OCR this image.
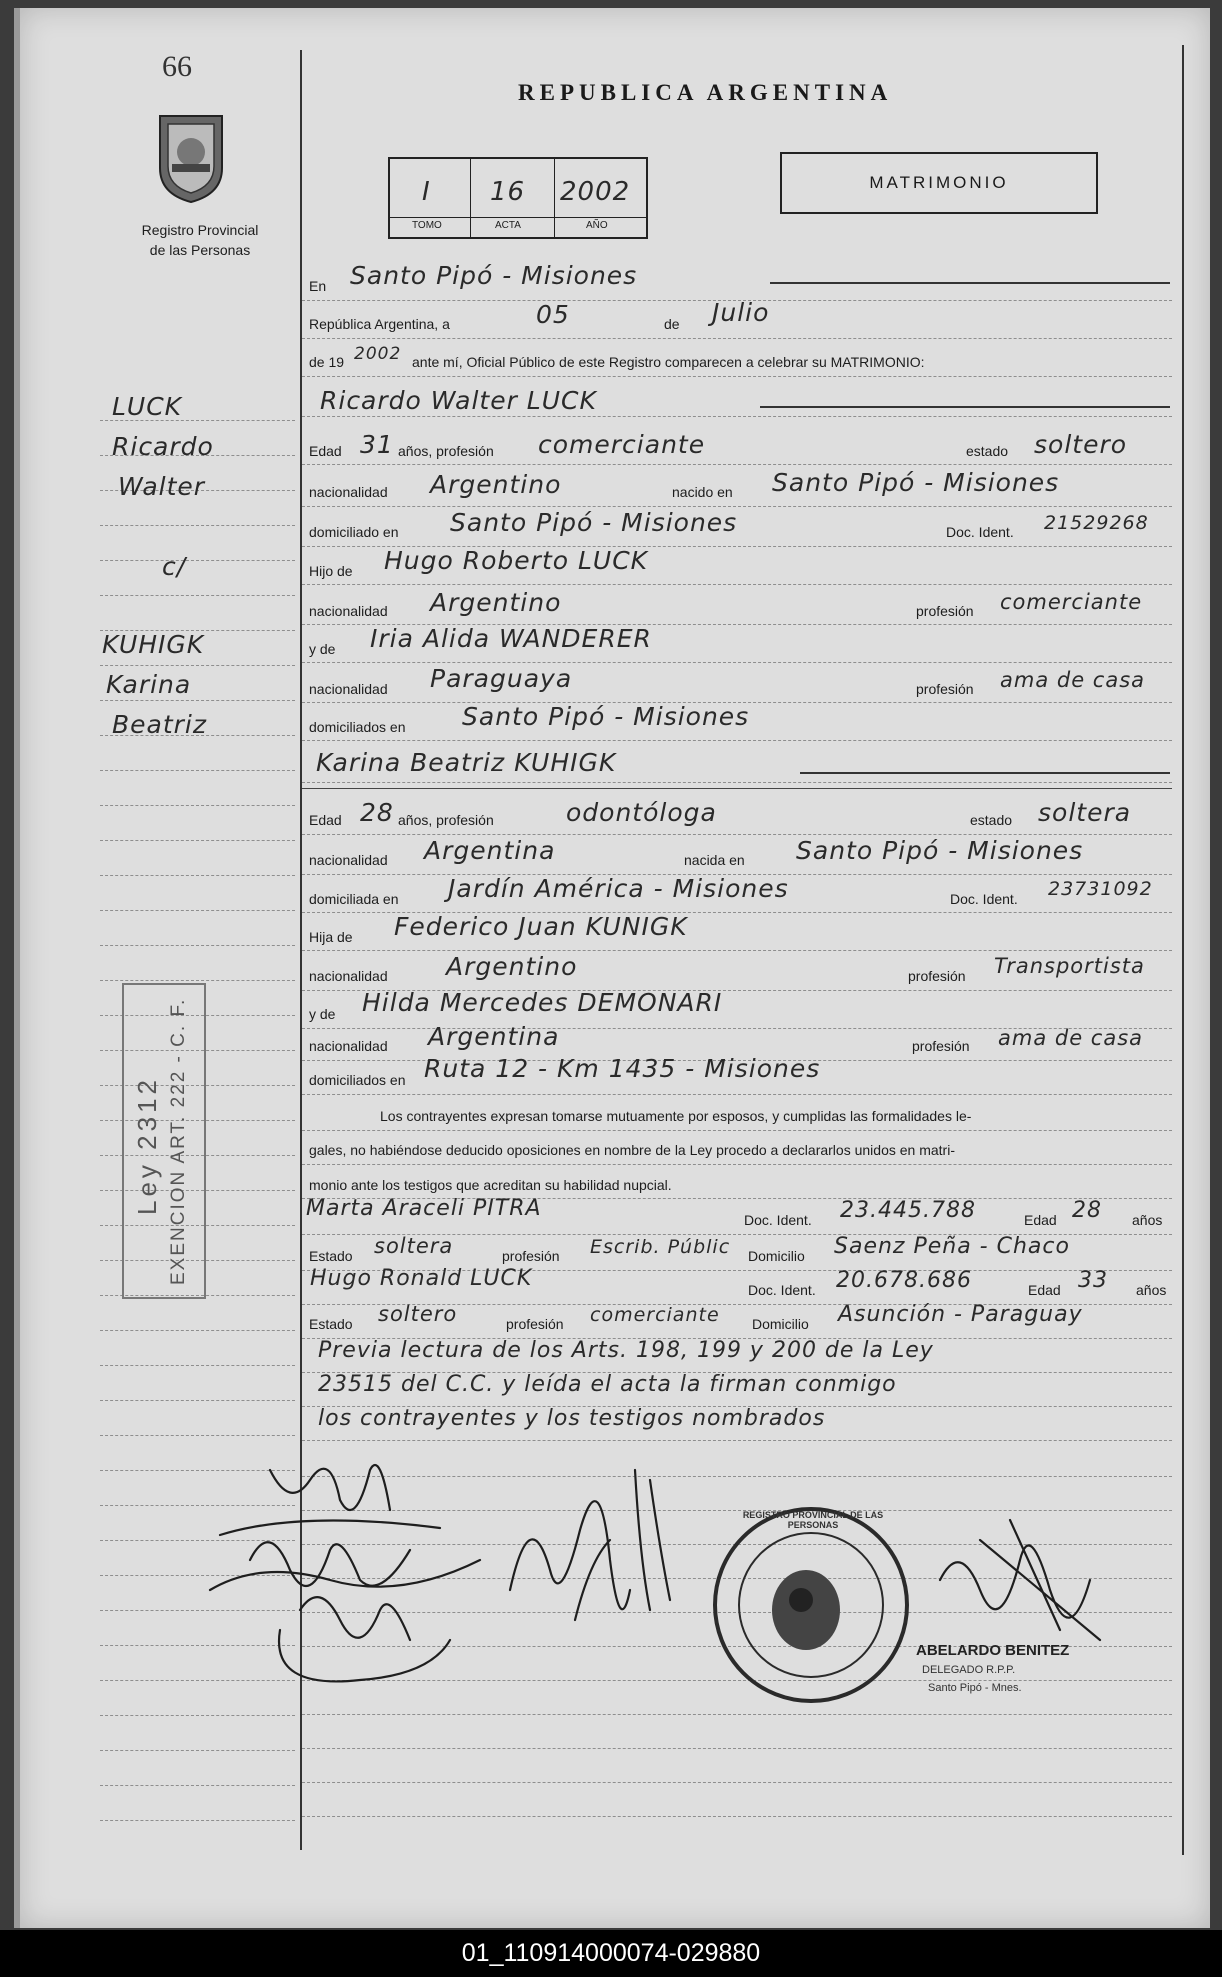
66
Registro Provincial
de las Personas
REPUBLICA ARGENTINA
I 16 2002
TOMO	ACTA	AÑO
MATRIMONIO
LUCK
Ricardo
Walter
c/
KUHIGK
Karina
Beatriz
Ley 2312 EXENCION ART. 222 - C. F.
En Santo Pipó - Misiones
República Argentina, a	05	de Julio
de 19 2002 ante mí, Oficial Público de este Registro comparecen a celebrar su MATRIMONIO:
Ricardo Walter LUCK
Edad 31 años, profesión comerciante	estado soltero
nacionalidad Argentino	nacido en Santo Pipó - Misiones
domiciliado en Santo Pipó - Misiones	Doc. Ident. 21529268
Hijo de Hugo Roberto LUCK
nacionalidad Argentino	profesión comerciante
y de Iria Alida WANDERER
nacionalidad Paraguaya	profesión ama de casa
domiciliados en Santo Pipó - Misiones
Karina Beatriz KUHIGK
Edad 28 años, profesión	odontóloga	estado soltera
nacionalidad Argentina	nacida en Santo Pipó - Misiones
domiciliada en Jardín América - Misiones	Doc. Ident. 23731092
Hija de Federico Juan KUNIGK
nacionalidad Argentino	profesión Transportista
y de Hilda Mercedes DEMONARI
nacionalidad Argentina	profesión ama de casa
domiciliados en Ruta 12 - Km 1435 - Misiones
Los contrayentes expresan tomarse mutuamente por esposos, y cumplidas las formalidades le-
gales, no habiéndose deducido oposiciones en nombre de la Ley procedo a declararlos unidos en matri-
monio ante los testigos que acreditan su habilidad nupcial.
Marta Araceli PITRA	Doc. Ident. 23.445.788	Edad 28 años
Estado soltera	profesión Escrib. Públic Domicilio Saenz Peña - Chaco
Hugo Ronald LUCK	Doc. Ident. 20.678.686	Edad 33 años
Estado soltero	profesión comerciante Domicilio Asunción - Paraguay
Previa lectura de los Arts. 198, 199 y 200 de la Ley
23515 del C.C. y leída el acta la firman conmigo
los contrayentes y los testigos nombrados
REGISTRO PROVINCIAL DE LAS PERSONAS
ABELARDO BENITEZ
DELEGADO R.P.P.
Santo Pipó - Mnes.
01_110914000074-029880
